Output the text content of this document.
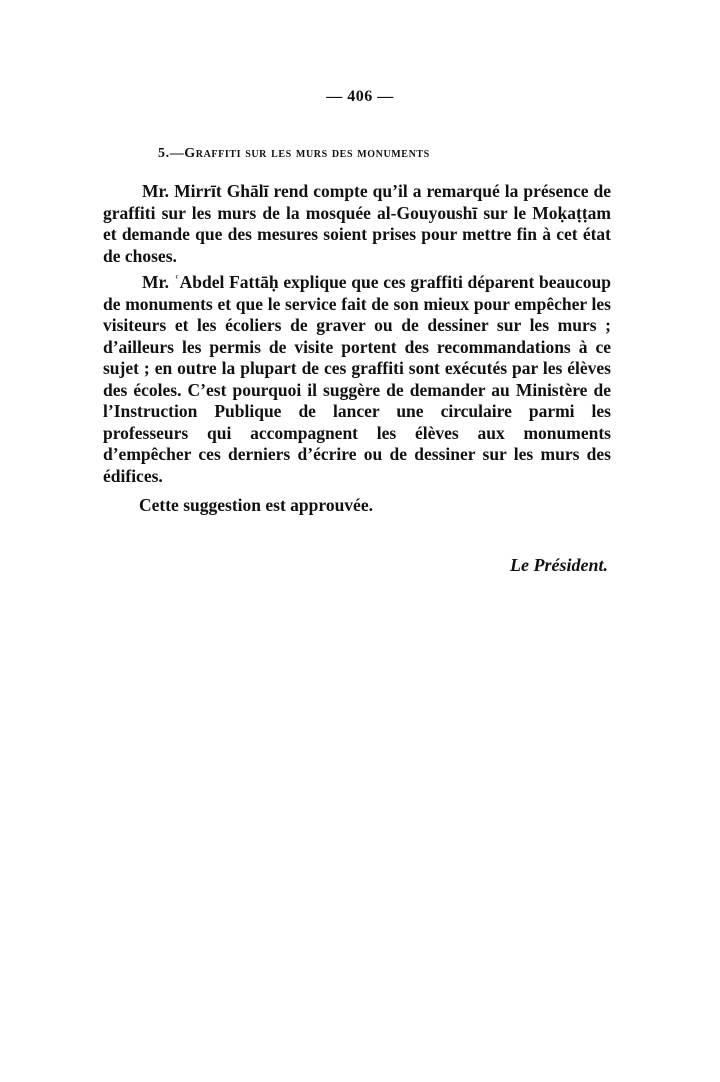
— 406 —
5.—Graffiti sur les murs des monuments

Mr. Mirrīt Ghālī rend compte qu’il a remarqué la présence de graffiti sur les murs de la mosquée al-Gouyoushī sur le Moḳaṭṭam et demande que des mesures soient prises pour mettre fin à cet état de choses.

Mr. ʿAbdel Fattāḥ explique que ces graffiti déparent beaucoup de monuments et que le service fait de son mieux pour empêcher les visiteurs et les écoliers de graver ou de dessiner sur les murs ; d’ailleurs les permis de visite portent des recommandations à ce sujet ; en outre la plupart de ces graffiti sont exécutés par les élèves des écoles. C’est pourquoi il suggère de demander au Ministère de l’Instruction Publique de lancer une circulaire parmi les professeurs qui accompagnent les élèves aux monuments d’empêcher ces derniers d’écrire ou de dessiner sur les murs des édifices.

Cette suggestion est approuvée.

Le Président.
